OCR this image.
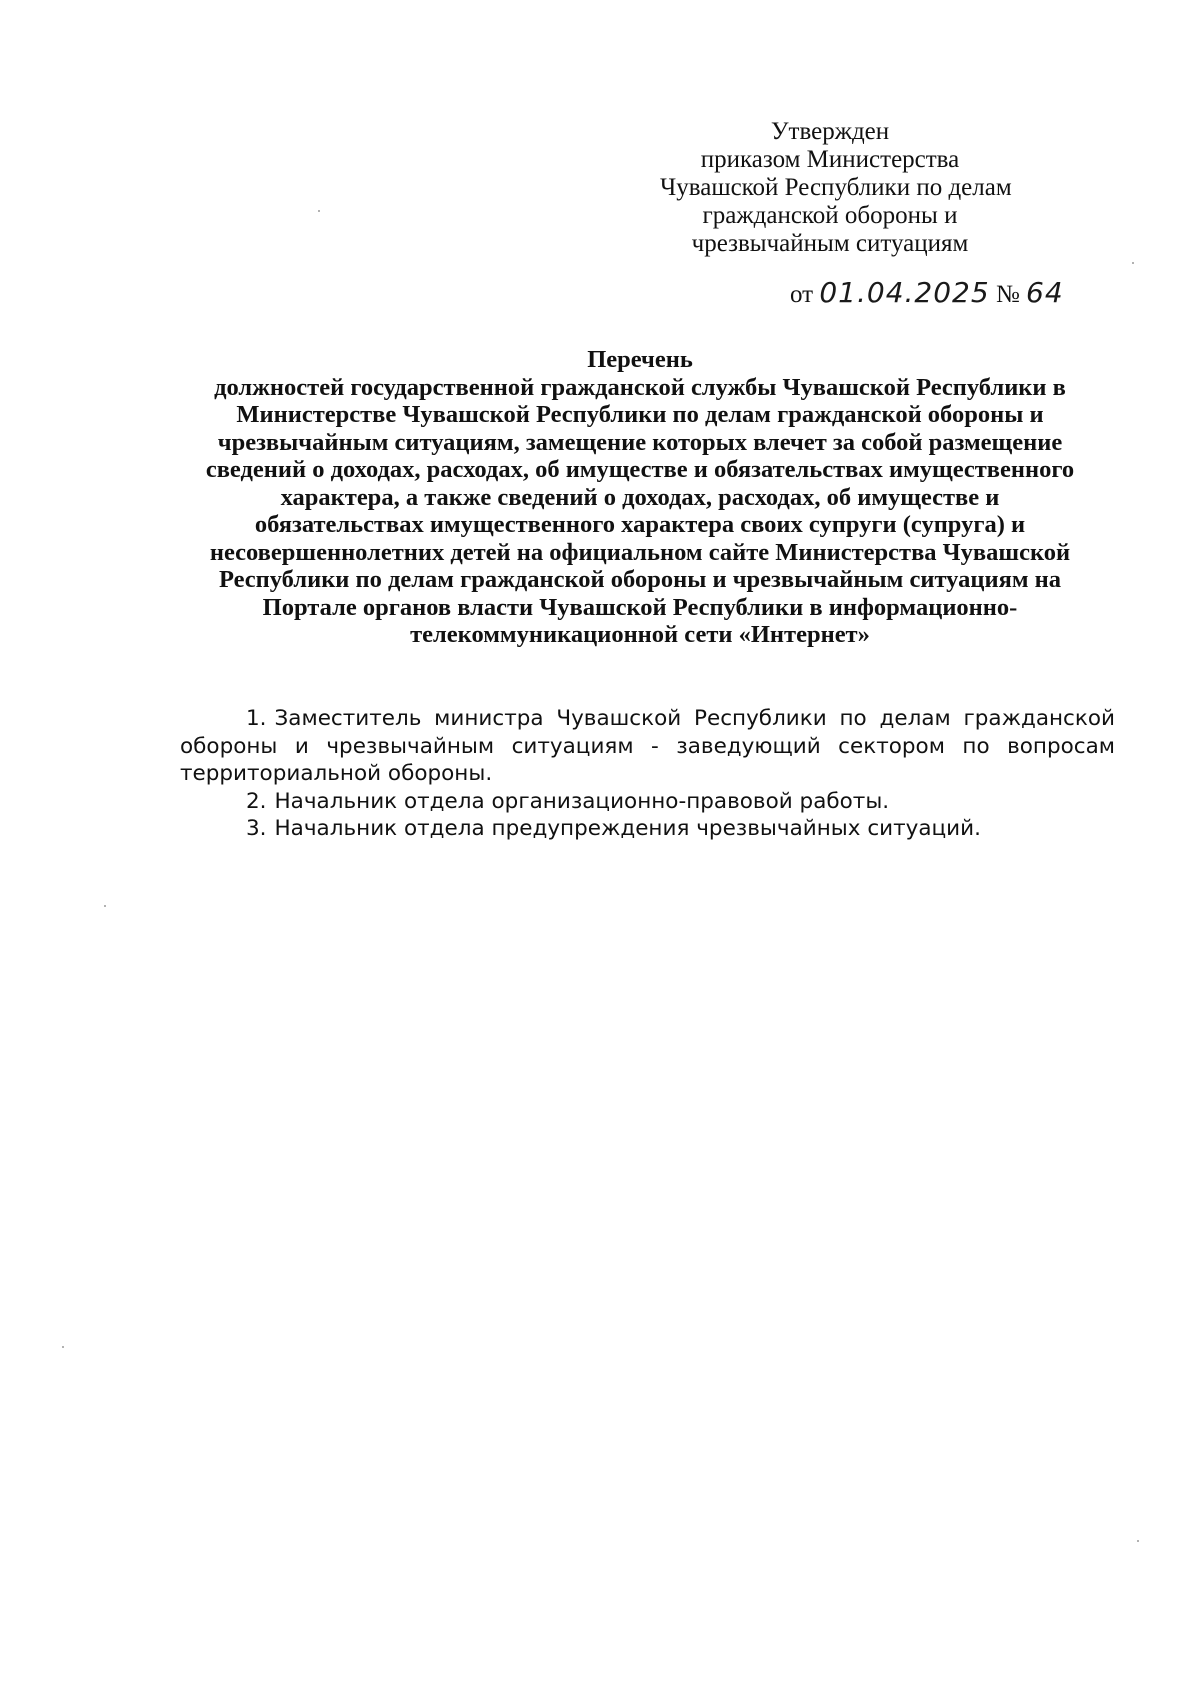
Утвержден
приказом Министерства
Чувашской Республики по делам
гражданской обороны и
чрезвычайным ситуациям
от 01.04.2025 № 64
Перечень
должностей государственной гражданской службы Чувашской Республики в
Министерстве Чувашской Республики по делам гражданской обороны и
чрезвычайным ситуациям, замещение которых влечет за собой размещение
сведений о доходах, расходах, об имуществе и обязательствах имущественного
характера, а также сведений о доходах, расходах, об имуществе и
обязательствах имущественного характера своих супруги (супруга) и
несовершеннолетних детей на официальном сайте Министерства Чувашской
Республики по делам гражданской обороны и чрезвычайным ситуациям на
Портале органов власти Чувашской Республики в информационно-
телекоммуникационной сети «Интернет»

1. Заместитель министра Чувашской Республики по делам гражданской обороны и чрезвычайным ситуациям - заведующий сектором по вопросам территориальной обороны.

2. Начальник отдела организационно-правовой работы.

3. Начальник отдела предупреждения чрезвычайных ситуаций.
